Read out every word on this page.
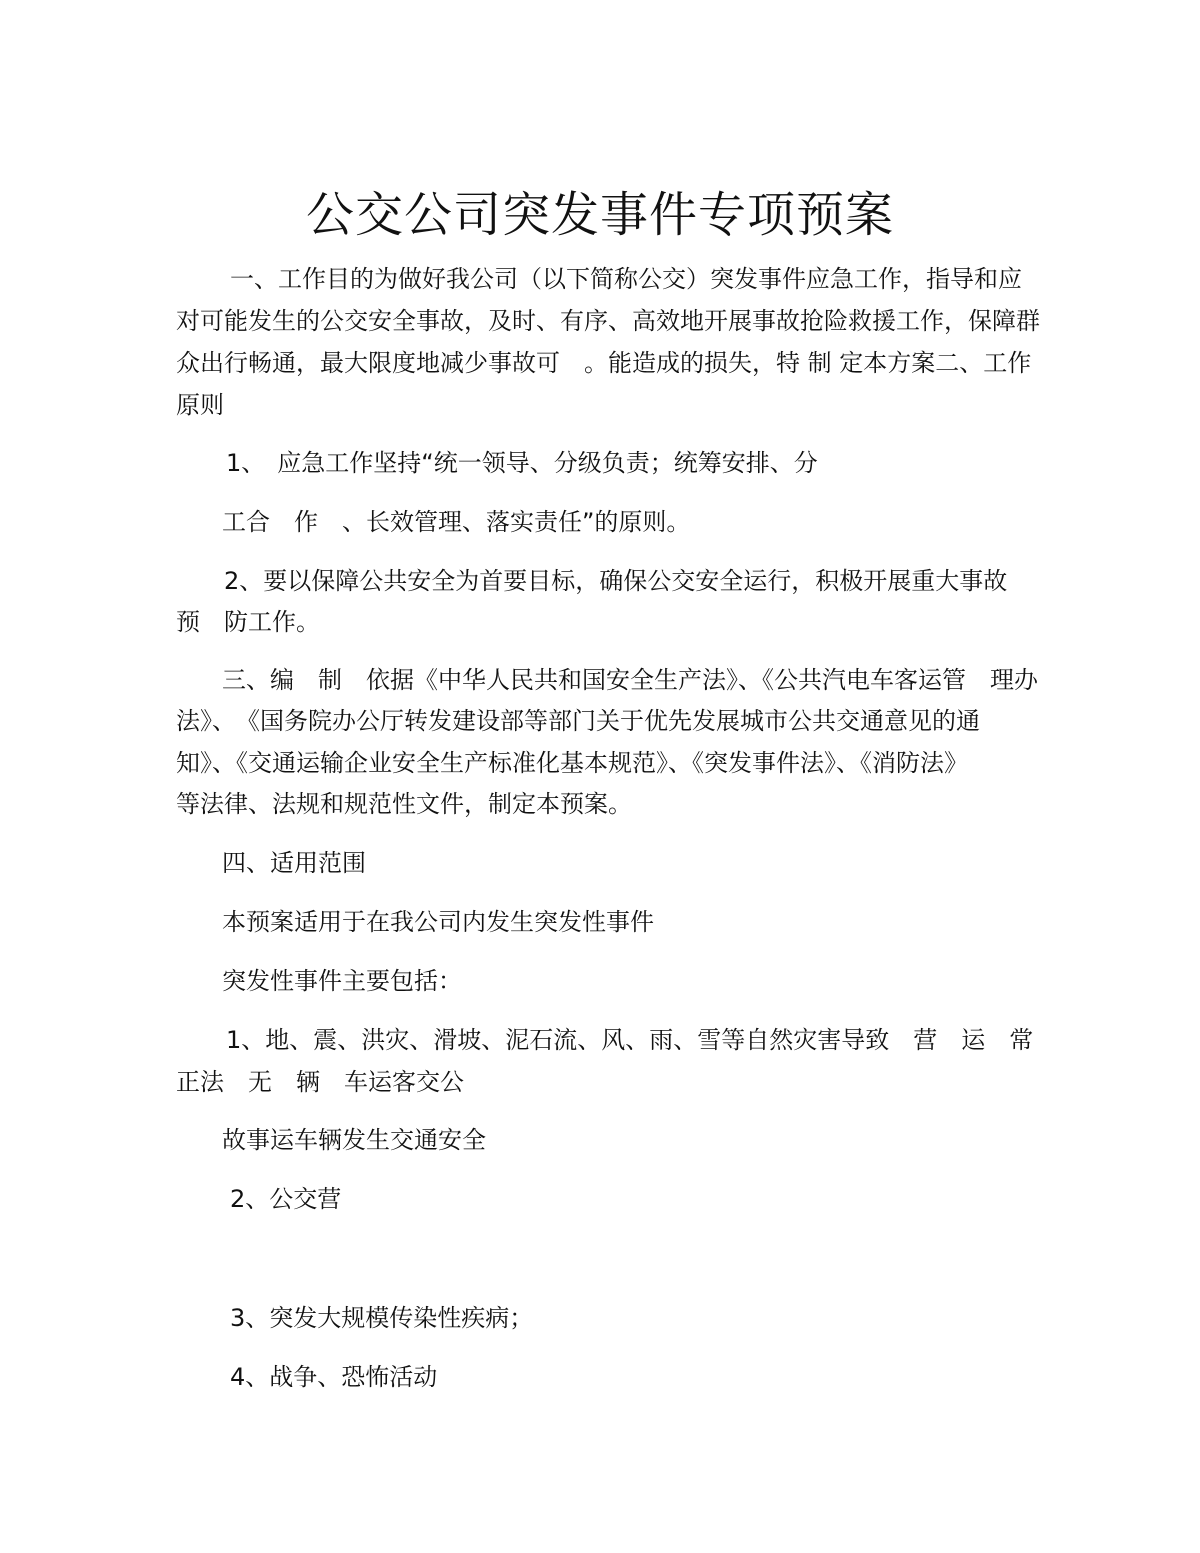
公交公司突发事件专项预案
一、工作目的为做好我公司（以下简称公交）突发事件应急工作，指导和应
对可能发生的公交安全事故，及时、有序、高效地开展事故抢险救援工作，保障群
众出行畅通，最大限度地减少事故可　。能造成的损失，特 制 定本方案二、工作
原则
1、　应急工作坚持“统一领导、分级负责；统筹安排、分
工合　作　、长效管理、落实责任”的原则。
2、要以保障公共安全为首要目标，确保公交安全运行，积极开展重大事故
预　防工作。
三、编　制　依据《中华人民共和国安全生产法》、《公共汽电车客运管　理办
法》、　《国务院办公厅转发建设部等部门关于优先发展城市公共交通意见的通
知》、《交通运输企业安全生产标准化基本规范》、《突发事件法》、《消防法》
等法律、法规和规范性文件，制定本预案。
四、适用范围
本预案适用于在我公司内发生突发性事件
突发性事件主要包括：
1、地、震、洪灾、滑坡、泥石流、风、雨、雪等自然灾害导致　营　运　常
正法　无　辆　车运客交公
故事运车辆发生交通安全
2、公交营
3、突发大规模传染性疾病；
4、战争、恐怖活动
